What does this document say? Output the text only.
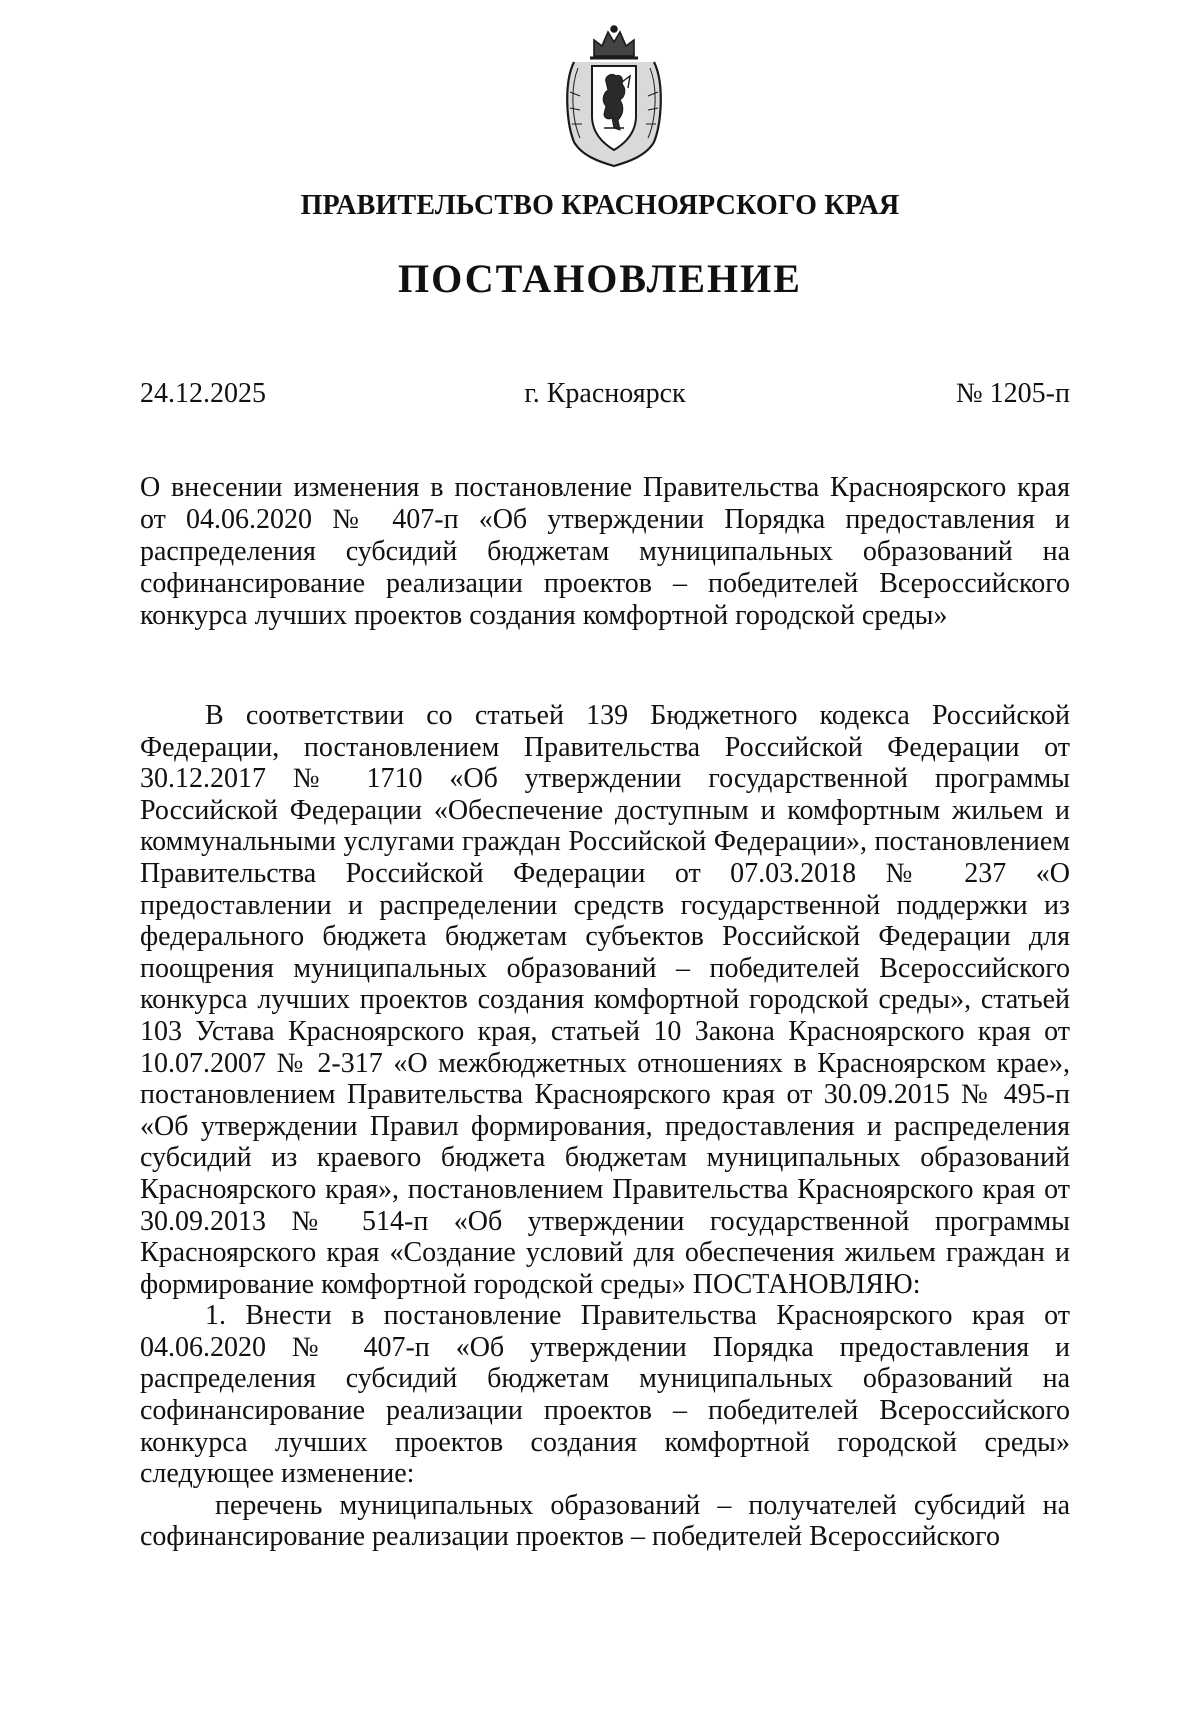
ПРАВИТЕЛЬСТВО КРАСНОЯРСКОГО КРАЯ
ПОСТАНОВЛЕНИЕ
24.12.2025	г. Красноярск	№ 1205-п
О внесении изменения в постановление Правительства Красноярского края от 04.06.2020 № 407-п «Об утверждении Порядка предоставления и распределения субсидий бюджетам муниципальных образований на софинансирование реализации проектов – победителей Всероссийского конкурса лучших проектов создания комфортной городской среды»

В соответствии со статьей 139 Бюджетного кодекса Российской Федерации, постановлением Правительства Российской Федерации от 30.12.2017 № 1710 «Об утверждении государственной программы Российской Федерации «Обеспечение доступным и комфортным жильем и коммунальными услугами граждан Российской Федерации», постановлением Правительства Российской Федерации от 07.03.2018 № 237 «О предоставлении и распределении средств государственной поддержки из федерального бюджета бюджетам субъектов Российской Федерации для поощрения муниципальных образований – победителей Всероссийского конкурса лучших проектов создания комфортной городской среды», статьей 103 Устава Красноярского края, статьей 10 Закона Красноярского края от 10.07.2007 № 2-317 «О межбюджетных отношениях в Красноярском крае», постановлением Правительства Красноярского края от 30.09.2015 № 495-п «Об утверждении Правил формирования, предоставления и распределения субсидий из краевого бюджета бюджетам муниципальных образований Красноярского края», постановлением Правительства Красноярского края от 30.09.2013 № 514-п «Об утверждении государственной программы Красноярского края «Создание условий для обеспечения жильем граждан и формирование комфортной городской среды» ПОСТАНОВЛЯЮ:

1. Внести в постановление Правительства Красноярского края от 04.06.2020 № 407-п «Об утверждении Порядка предоставления и распределения субсидий бюджетам муниципальных образований на софинансирование реализации проектов – победителей Всероссийского конкурса лучших проектов создания комфортной городской среды» следующее изменение:

перечень муниципальных образований – получателей субсидий на софинансирование реализации проектов – победителей Всероссийского
